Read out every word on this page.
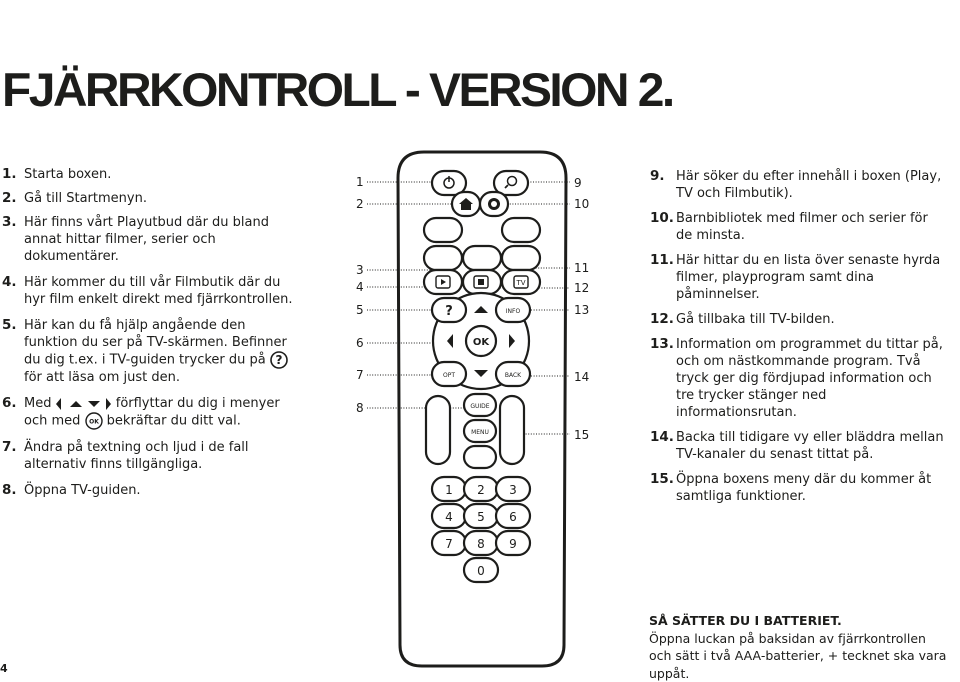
FJÄRRKONTROLL - VERSION 2.
1. Starta boxen.
2. Gå till Startmenyn.
3. Här finns vårt Playutbud där du bland annat hittar filmer, serier och dokumentärer.
4. Här kommer du till vår Filmbutik där du hyr film enkelt direkt med fjärrkontrollen.
5. Här kan du få hjälp angående den funktion du ser på TV-skärmen. Befinner du dig t.ex. i TV-guiden trycker du på ?
för att läsa om just den.
6. Med	förflyttar du dig i menyer och med OK bekräftar du ditt val.
7. Ändra på textning och ljud i de fall alternativ finns tillgängliga.
8. Öppna TV-guiden.
9. Här söker du efter innehåll i boxen (Play, TV och Filmbutik).
10. Barnbibliotek med filmer och serier för de minsta.
11. Här hittar du en lista över senaste hyrda filmer, playprogram samt dina påminnelser.
12. Gå tillbaka till TV-bilden.
13. Information om programmet du tittar på, och om nästkommande program. Två tryck ger dig fördjupad information och tre trycker stänger ned informationsrutan.
14. Backa till tidigare vy eller bläddra mellan TV-kanaler du senast tittat på.
15. Öppna boxens meny där du kommer åt samtliga funktioner.
1
2
3
4
5
6
7
8
9
10
11
12
13
14
15
TV
?	INFO
OK
OPT	BACK
GUIDE
MENU
1 2 3
4 5 6
7 8 9
0
SÅ SÄTTER DU I BATTERIET.

Öppna luckan på baksidan av fjärrkontrollen och sätt i två AAA-batterier, + tecknet ska vara uppåt.

4
